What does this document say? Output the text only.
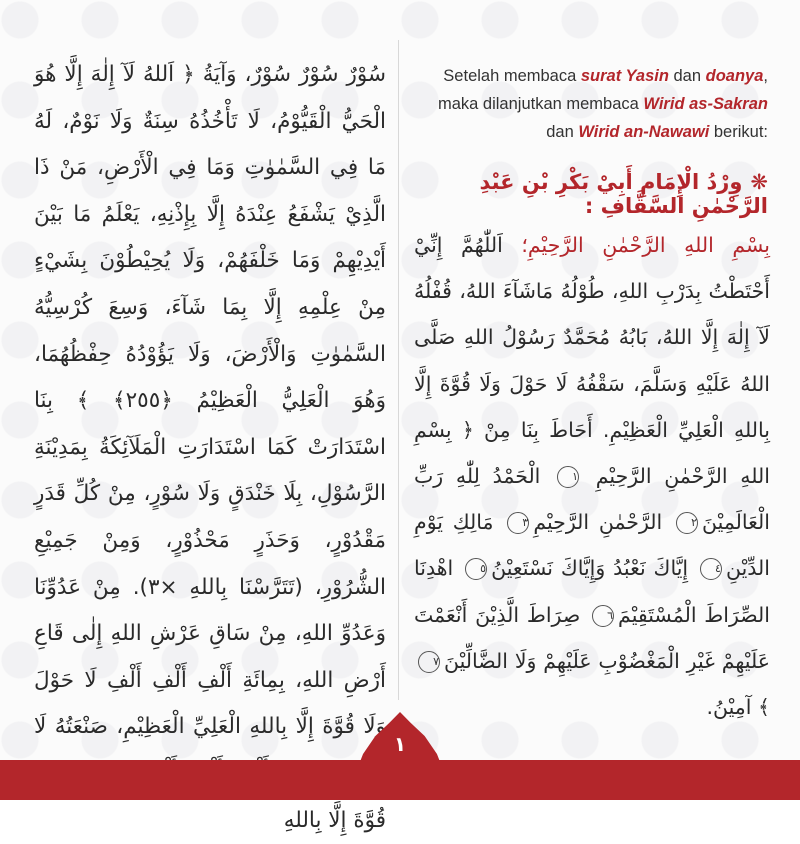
سُوْرٌ سُوْرٌ سُوْرٌ، وَآيَةُ ﴿ اَللهُ لَآ إِلٰهَ إِلَّا هُوَ الْحَيُّ الْقَيُّوْمُ، لَا تَأْخُذُهُ سِنَةٌ وَلَا نَوْمٌ، لَهُ مَا فِي السَّمٰوٰتِ وَمَا فِي الْأَرْضِ، مَنْ ذَا الَّذِيْ يَشْفَعُ عِنْدَهُ إِلَّا بِإِذْنِهِ، يَعْلَمُ مَا بَيْنَ أَيْدِيْهِمْ وَمَا خَلْفَهُمْ، وَلَا يُحِيْطُوْنَ بِشَيْءٍ مِنْ عِلْمِهِ إِلَّا بِمَا شَآءَ، وَسِعَ كُرْسِيُّهُ السَّمٰوٰتِ وَالْأَرْضَ، وَلَا يَؤُوْدُهُ حِفْظُهُمَا، وَهُوَ الْعَلِيُّ الْعَظِيْمُ ﴿٢٥٥﴾ ﴾ بِنَا اسْتَدَارَتْ كَمَا اسْتَدَارَتِ الْمَلَآئِكَةُ بِمَدِيْنَةِ الرَّسُوْلِ، بِلَا خَنْدَقٍ وَلَا سُوْرٍ، مِنْ كُلِّ قَدَرٍ مَقْدُوْرٍ، وَحَذَرٍ مَحْذُوْرٍ، وَمِنْ جَمِيْعِ الشُّرُوْرِ، (تَتَرَّسْنَا بِاللهِ ×٣). مِنْ عَدُوِّنَا وَعَدُوِّ اللهِ، مِنْ سَاقِ عَرْشِ اللهِ إِلٰى قَاعِ أَرْضِ اللهِ، بِمِائَةِ أَلْفِ أَلْفِ أَلْفِ لَا حَوْلَ وَلَا قُوَّةَ إِلَّا بِاللهِ الْعَلِيِّ الْعَظِيْمِ، صَنْعَتُهُ لَا قُوَّةَ إِلَّا بِاللهِ
Setelah membaca surat Yasin dan doanya, maka dilanjutkan membaca Wirid as-Sakran dan Wirid an-Nawawi berikut:
❋وِرْدُ الْإِمَامِ أَبِيْ بَكْرِ بْنِ عَبْدِ الرَّحْمٰنِ السَّقَّافِ :
بِسْمِ اللهِ الرَّحْمٰنِ الرَّحِيْمِ؛ اَللّٰهُمَّ إِنِّيْ أَحْتَطْتُ بِدَرْبِ اللهِ، طُوْلُهُ مَاشَآءَ اللهُ، قُفْلُهُ لَآ إِلٰهَ إِلَّا اللهُ، بَابُهُ مُحَمَّدٌ رَسُوْلُ اللهِ صَلَّى اللهُ عَلَيْهِ وَسَلَّمَ، سَقْفُهُ لَا حَوْلَ وَلَا قُوَّةَ إِلَّا بِاللهِ الْعَلِيِّ الْعَظِيْمِ. أَحَاطَ بِنَا مِنْ ﴿ بِسْمِ اللهِ الرَّحْمٰنِ الرَّحِيْمِ ١ الْحَمْدُ لِلّٰهِ رَبِّ الْعَالَمِيْنَ٢ الرَّحْمٰنِ الرَّحِيْمِ٣ مَالِكِ يَوْمِ الدِّيْنِ٤ إِيَّاكَ نَعْبُدُ وَإِيَّاكَ نَسْتَعِيْنُ٥ اهْدِنَا الصِّرَاطَ الْمُسْتَقِيْمَ٦ صِرَاطَ الَّذِيْنَ أَنْعَمْتَ عَلَيْهِمْ غَيْرِ الْمَغْضُوْبِ عَلَيْهِمْ وَلَا الضَّالِّيْنَ٧ ﴾ آمِيْنُ.
١
